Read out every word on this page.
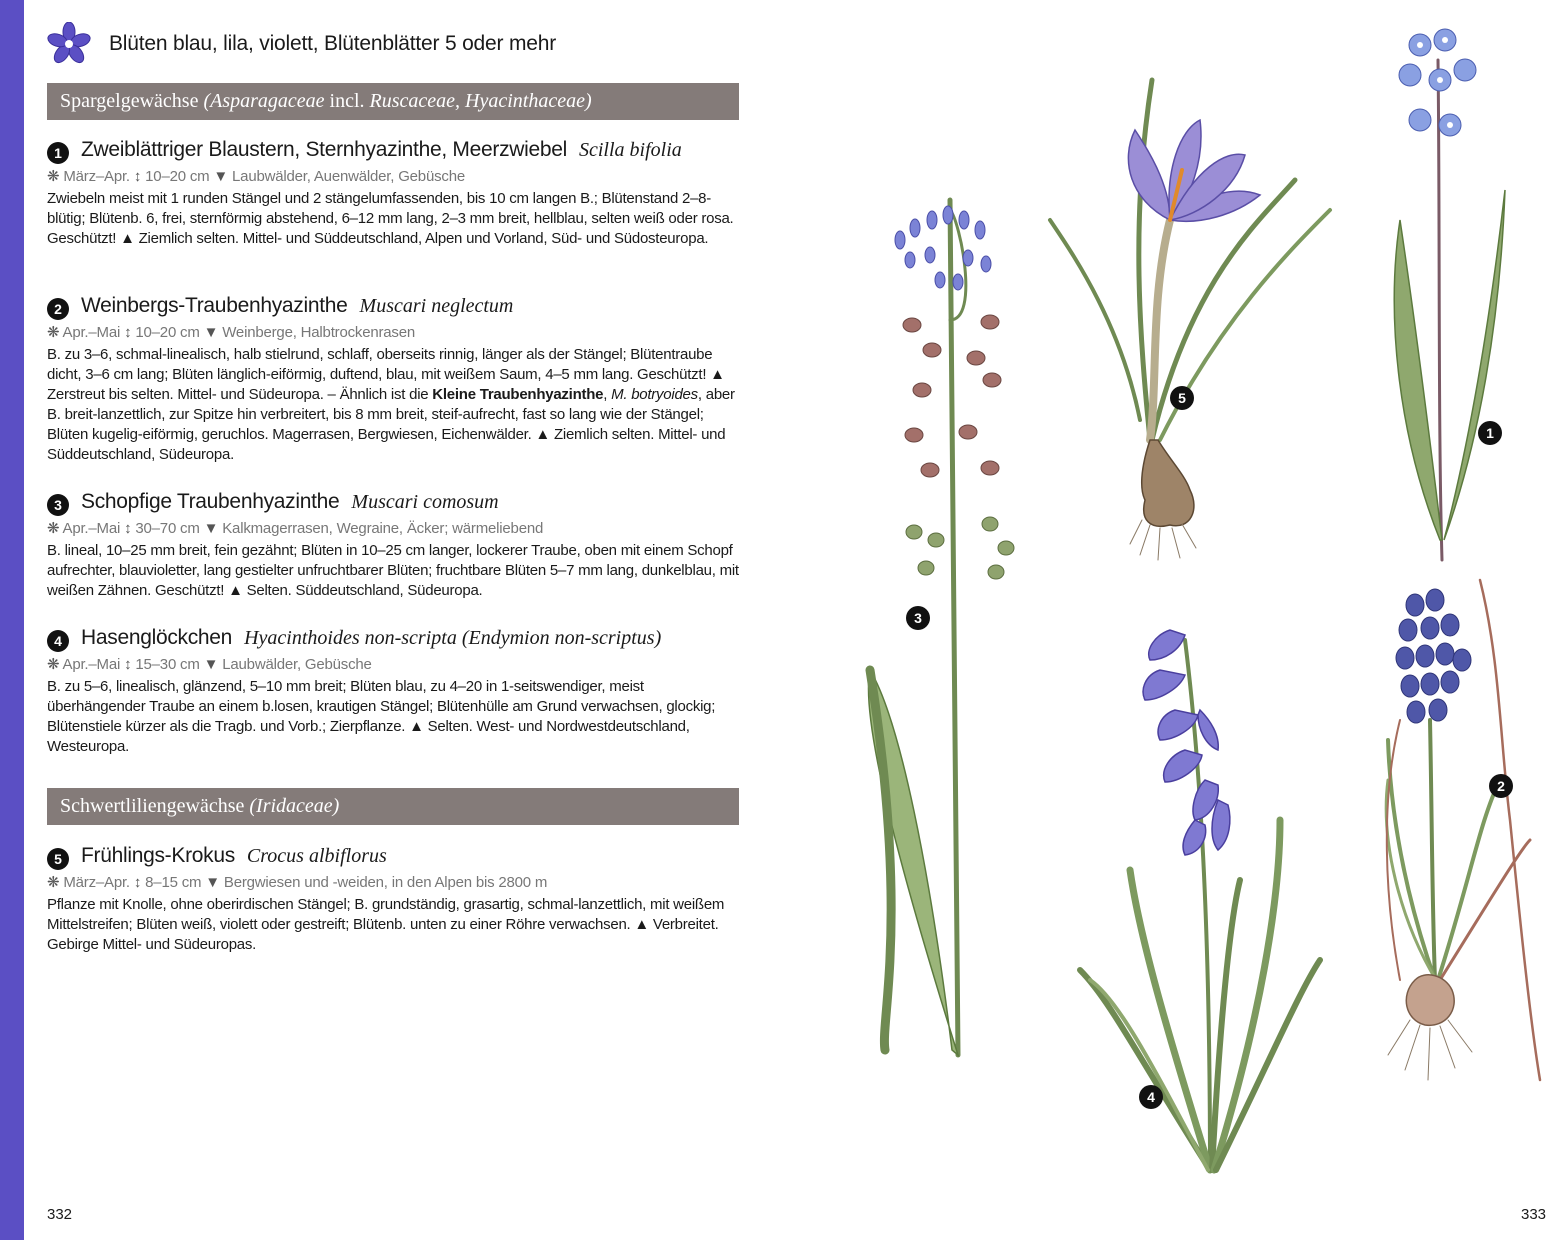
Blüten blau, lila, violett, Blütenblätter 5 oder mehr
Spargelgewächse (Asparagaceae incl. Ruscaceae, Hyacinthaceae)
1 Zweiblättriger Blaustern, Sternhyazinthe, Meerzwiebel Scilla bifolia
❋ März–Apr. ↕ 10–20 cm ▼ Laubwälder, Auenwälder, Gebüsche
Zwiebeln meist mit 1 runden Stängel und 2 stängelumfassenden, bis 10 cm langen B.; Blütenstand 2–8-blütig; Blütenb. 6, frei, sternförmig abstehend, 6–12 mm lang, 2–3 mm breit, hellblau, selten weiß oder rosa. Geschützt! ▲ Ziemlich selten. Mittel- und Süddeutschland, Alpen und Vorland, Süd- und Südosteuropa.
2 Weinbergs-Traubenhyazinthe Muscari neglectum
❋ Apr.–Mai ↕ 10–20 cm ▼ Weinberge, Halbtrockenrasen
B. zu 3–6, schmal-linealisch, halb stielrund, schlaff, oberseits rinnig, länger als der Stängel; Blütentraube dicht, 3–6 cm lang; Blüten länglich-eiförmig, duftend, blau, mit weißem Saum, 4–5 mm lang. Geschützt! ▲ Zerstreut bis selten. Mittel- und Südeuropa. – Ähnlich ist die Kleine Traubenhyazinthe, M. botryoides, aber B. breit-lanzettlich, zur Spitze hin verbreitert, bis 8 mm breit, steif-aufrecht, fast so lang wie der Stängel; Blüten kugelig-eiförmig, geruchlos. Magerrasen, Bergwiesen, Eichenwälder. ▲ Ziemlich selten. Mittel- und Süddeutschland, Südeuropa.
3 Schopfige Traubenhyazinthe Muscari comosum
❋ Apr.–Mai ↕ 30–70 cm ▼ Kalkmagerrasen, Wegraine, Äcker; wärmeliebend
B. lineal, 10–25 mm breit, fein gezähnt; Blüten in 10–25 cm langer, lockerer Traube, oben mit einem Schopf aufrechter, blauvioletter, lang gestielter unfruchtbarer Blüten; fruchtbare Blüten 5–7 mm lang, dunkelblau, mit weißen Zähnen. Geschützt! ▲ Selten. Süddeutschland, Südeuropa.
4 Hasenglöckchen Hyacinthoides non-scripta (Endymion non-scriptus)
❋ Apr.–Mai ↕ 15–30 cm ▼ Laubwälder, Gebüsche
B. zu 5–6, linealisch, glänzend, 5–10 mm breit; Blüten blau, zu 4–20 in 1-seitswendiger, meist überhängender Traube an einem b.losen, krautigen Stängel; Blütenhülle am Grund verwachsen, glockig; Blütenstiele kürzer als die Tragb. und Vorb.; Zierpflanze. ▲ Selten. West- und Nordwestdeutschland, Westeuropa.
Schwertliliengewächse (Iridaceae)
5 Frühlings-Krokus Crocus albiflorus
❋ März–Apr. ↕ 8–15 cm ▼ Bergwiesen und -weiden, in den Alpen bis 2800 m
Pflanze mit Knolle, ohne oberirdischen Stängel; B. grundständig, grasartig, schmal-lanzettlich, mit weißem Mittelstreifen; Blüten weiß, violett oder gestreift; Blütenb. unten zu einer Röhre verwachsen. ▲ Verbreitet. Gebirge Mittel- und Südeuropas.
332	333
5
1
3
2
4
